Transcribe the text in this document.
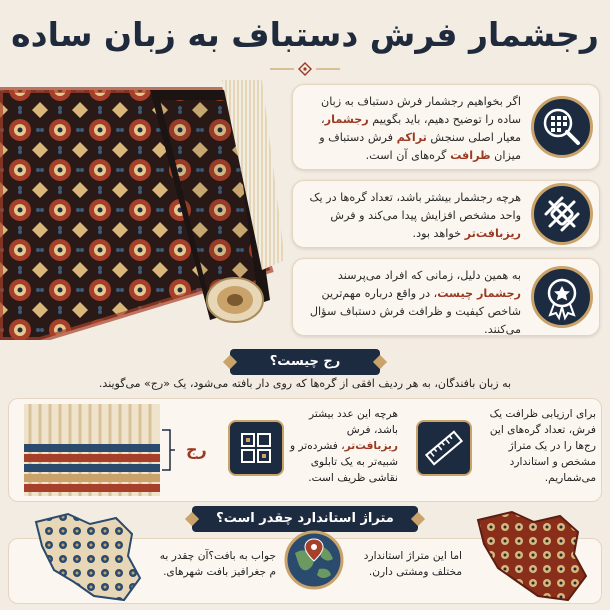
رجشمار فرش دستباف به زبان ساده
اگر بخواهیم رجشمار فرش دستباف به زبان ساده را توضیح دهیم، باید بگوییم رجشمار، معیار اصلی سنجش تراکم فرش دستباف و میزان ظرافت گره‌های آن است.
هرچه رجشمار بیشتر باشد، تعداد گره‌ها در یک واحد مشخص افزایش پیدا می‌کند و فرش ریزبافت‌تر خواهد بود.
به همین دلیل، زمانی که افراد می‌پرسند رجشمار چیست، در واقع درباره مهم‌ترین شاخص کیفیت و ظرافت فرش دستباف سؤال می‌کنند.
رج چیست؟
به زبان بافندگان، به هر ردیف افقی از گره‌ها که روی دار بافته می‌شود، یک «رج» می‌گویند.
رج
هرچه این عدد بیشتر باشد، فرش ریزبافت‌تر، فشرده‌تر و شبیه‌تر به یک تابلوی نقاشی ظریف است.
برای ارزیابی ظرافت یک فرش، تعداد گره‌های این رج‌ها را در یک متراژ مشخص و استاندارد می‌شماریم.
متراژ استاندارد چقدر است؟
جواب به بافت؟آن چقدر به م جغرافیز بافت شهرهای.
اما این متراژ استاندارد مختلف ومشتی دارن.
